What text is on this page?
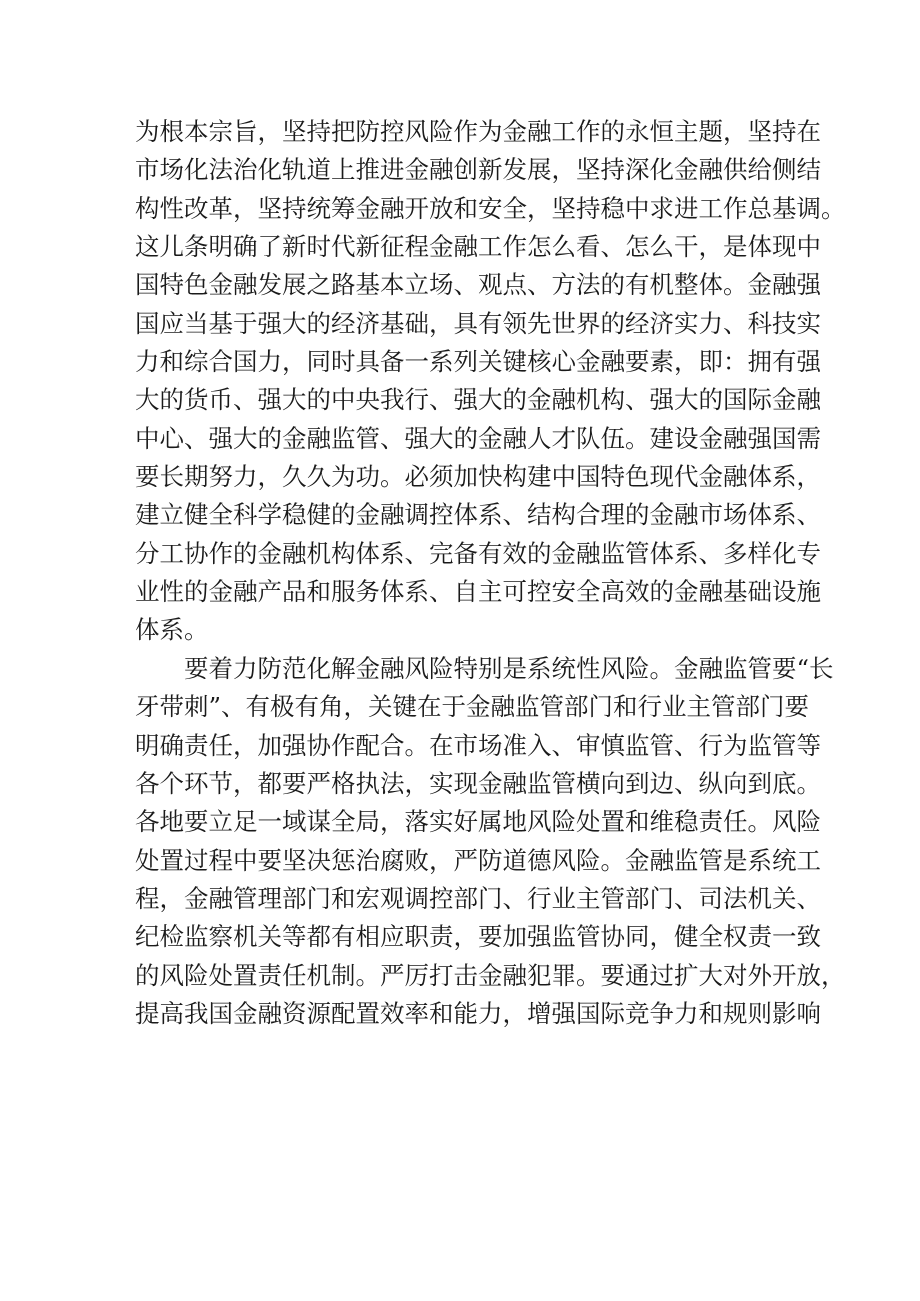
为根本宗旨，坚持把防控风险作为金融工作的永恒主题，坚持在
市场化法治化轨道上推进金融创新发展，坚持深化金融供给侧结
构性改革，坚持统筹金融开放和安全，坚持稳中求进工作总基调。
这儿条明确了新时代新征程金融工作怎么看、怎么干，是体现中
国特色金融发展之路基本立场、观点、方法的有机整体。金融强
国应当基于强大的经济基础，具有领先世界的经济实力、科技实
力和综合国力，同时具备一系列关键核心金融要素，即：拥有强
大的货币、强大的中央我行、强大的金融机构、强大的国际金融
中心、强大的金融监管、强大的金融人才队伍。建设金融强国需
要长期努力，久久为功。必须加快构建中国特色现代金融体系，
建立健全科学稳健的金融调控体系、结构合理的金融市场体系、
分工协作的金融机构体系、完备有效的金融监管体系、多样化专
业性的金融产品和服务体系、自主可控安全高效的金融基础设施
体系。
要着力防范化解金融风险特别是系统性风险。金融监管要“长
牙带刺”、有极有角，关键在于金融监管部门和行业主管部门要
明确责任，加强协作配合。在市场准入、审慎监管、行为监管等
各个环节，都要严格执法，实现金融监管横向到边、纵向到底。
各地要立足一域谋全局，落实好属地风险处置和维稳责任。风险
处置过程中要坚决惩治腐败，严防道德风险。金融监管是系统工
程，金融管理部门和宏观调控部门、行业主管部门、司法机关、
纪检监察机关等都有相应职责，要加强监管协同，健全权责一致
的风险处置责任机制。严厉打击金融犯罪。要通过扩大对外开放，
提高我国金融资源配置效率和能力，增强国际竞争力和规则影响
